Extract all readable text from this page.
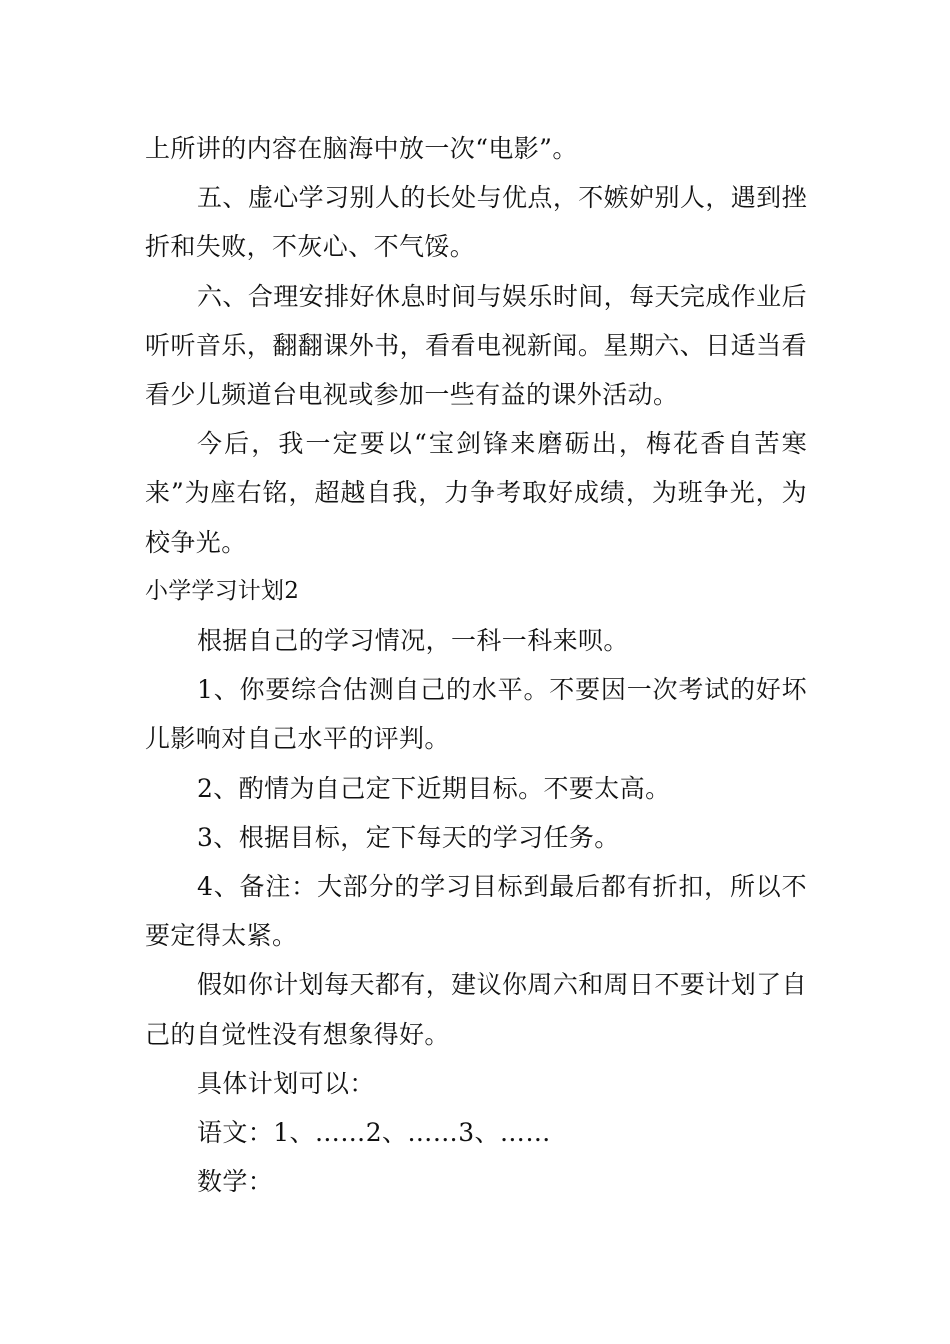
上所讲的内容在脑海中放一次“电影”。

五、虚心学习别人的长处与优点，不嫉妒别人，遇到挫折和失败，不灰心、不气馁。

六、合理安排好休息时间与娱乐时间，每天完成作业后听听音乐，翻翻课外书，看看电视新闻。星期六、日适当看看少儿频道台电视或参加一些有益的课外活动。

今后，我一定要以“宝剑锋来磨砺出，梅花香自苦寒来”为座右铭，超越自我，力争考取好成绩，为班争光，为校争光。

小学学习计划2

根据自己的学习情况，一科一科来呗。

1、你要综合估测自己的水平。不要因一次考试的好坏儿影响对自己水平的评判。

2、酌情为自己定下近期目标。不要太高。

3、根据目标，定下每天的学习任务。

4、备注：大部分的学习目标到最后都有折扣，所以不要定得太紧。

假如你计划每天都有，建议你周六和周日不要计划了自己的自觉性没有想象得好。

具体计划可以：

语文：1、……2、……3、……

数学：
